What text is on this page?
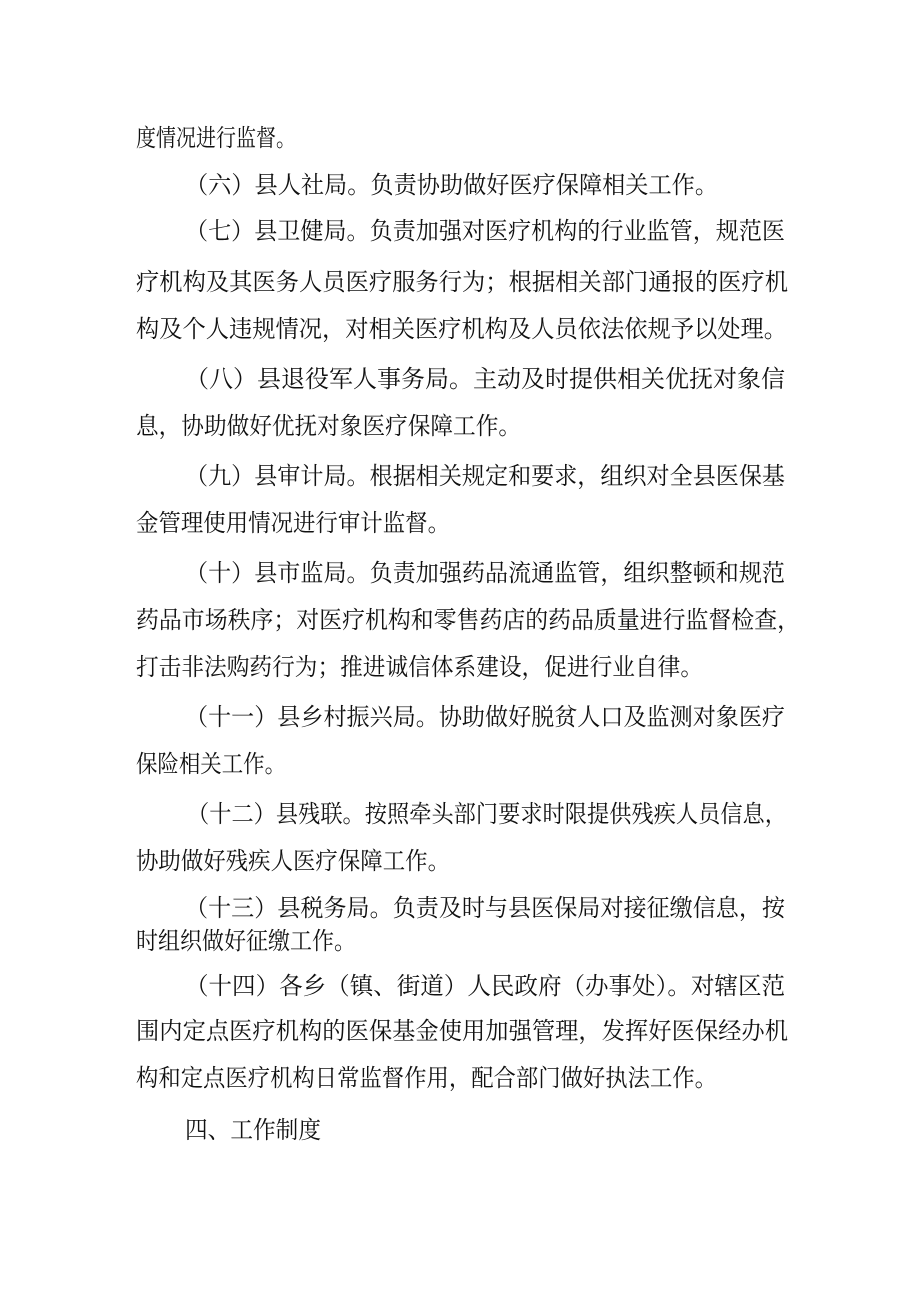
度情况进行监督。
（六）县人社局。负责协助做好医疗保障相关工作。
（七）县卫健局。负责加强对医疗机构的行业监管，规范医
疗机构及其医务人员医疗服务行为；根据相关部门通报的医疗机
构及个人违规情况，对相关医疗机构及人员依法依规予以处理。
（八）县退役军人事务局。主动及时提供相关优抚对象信
息，协助做好优抚对象医疗保障工作。
（九）县审计局。根据相关规定和要求，组织对全县医保基
金管理使用情况进行审计监督。
（十）县市监局。负责加强药品流通监管，组织整顿和规范
药品市场秩序；对医疗机构和零售药店的药品质量进行监督检查，
打击非法购药行为；推进诚信体系建设，促进行业自律。
（十一）县乡村振兴局。协助做好脱贫人口及监测对象医疗
保险相关工作。
（十二）县残联。按照牵头部门要求时限提供残疾人员信息，
协助做好残疾人医疗保障工作。
（十三）县税务局。负责及时与县医保局对接征缴信息，按
时组织做好征缴工作。
（十四）各乡（镇、街道）人民政府（办事处）。对辖区范
围内定点医疗机构的医保基金使用加强管理，发挥好医保经办机
构和定点医疗机构日常监督作用，配合部门做好执法工作。
四、工作制度
